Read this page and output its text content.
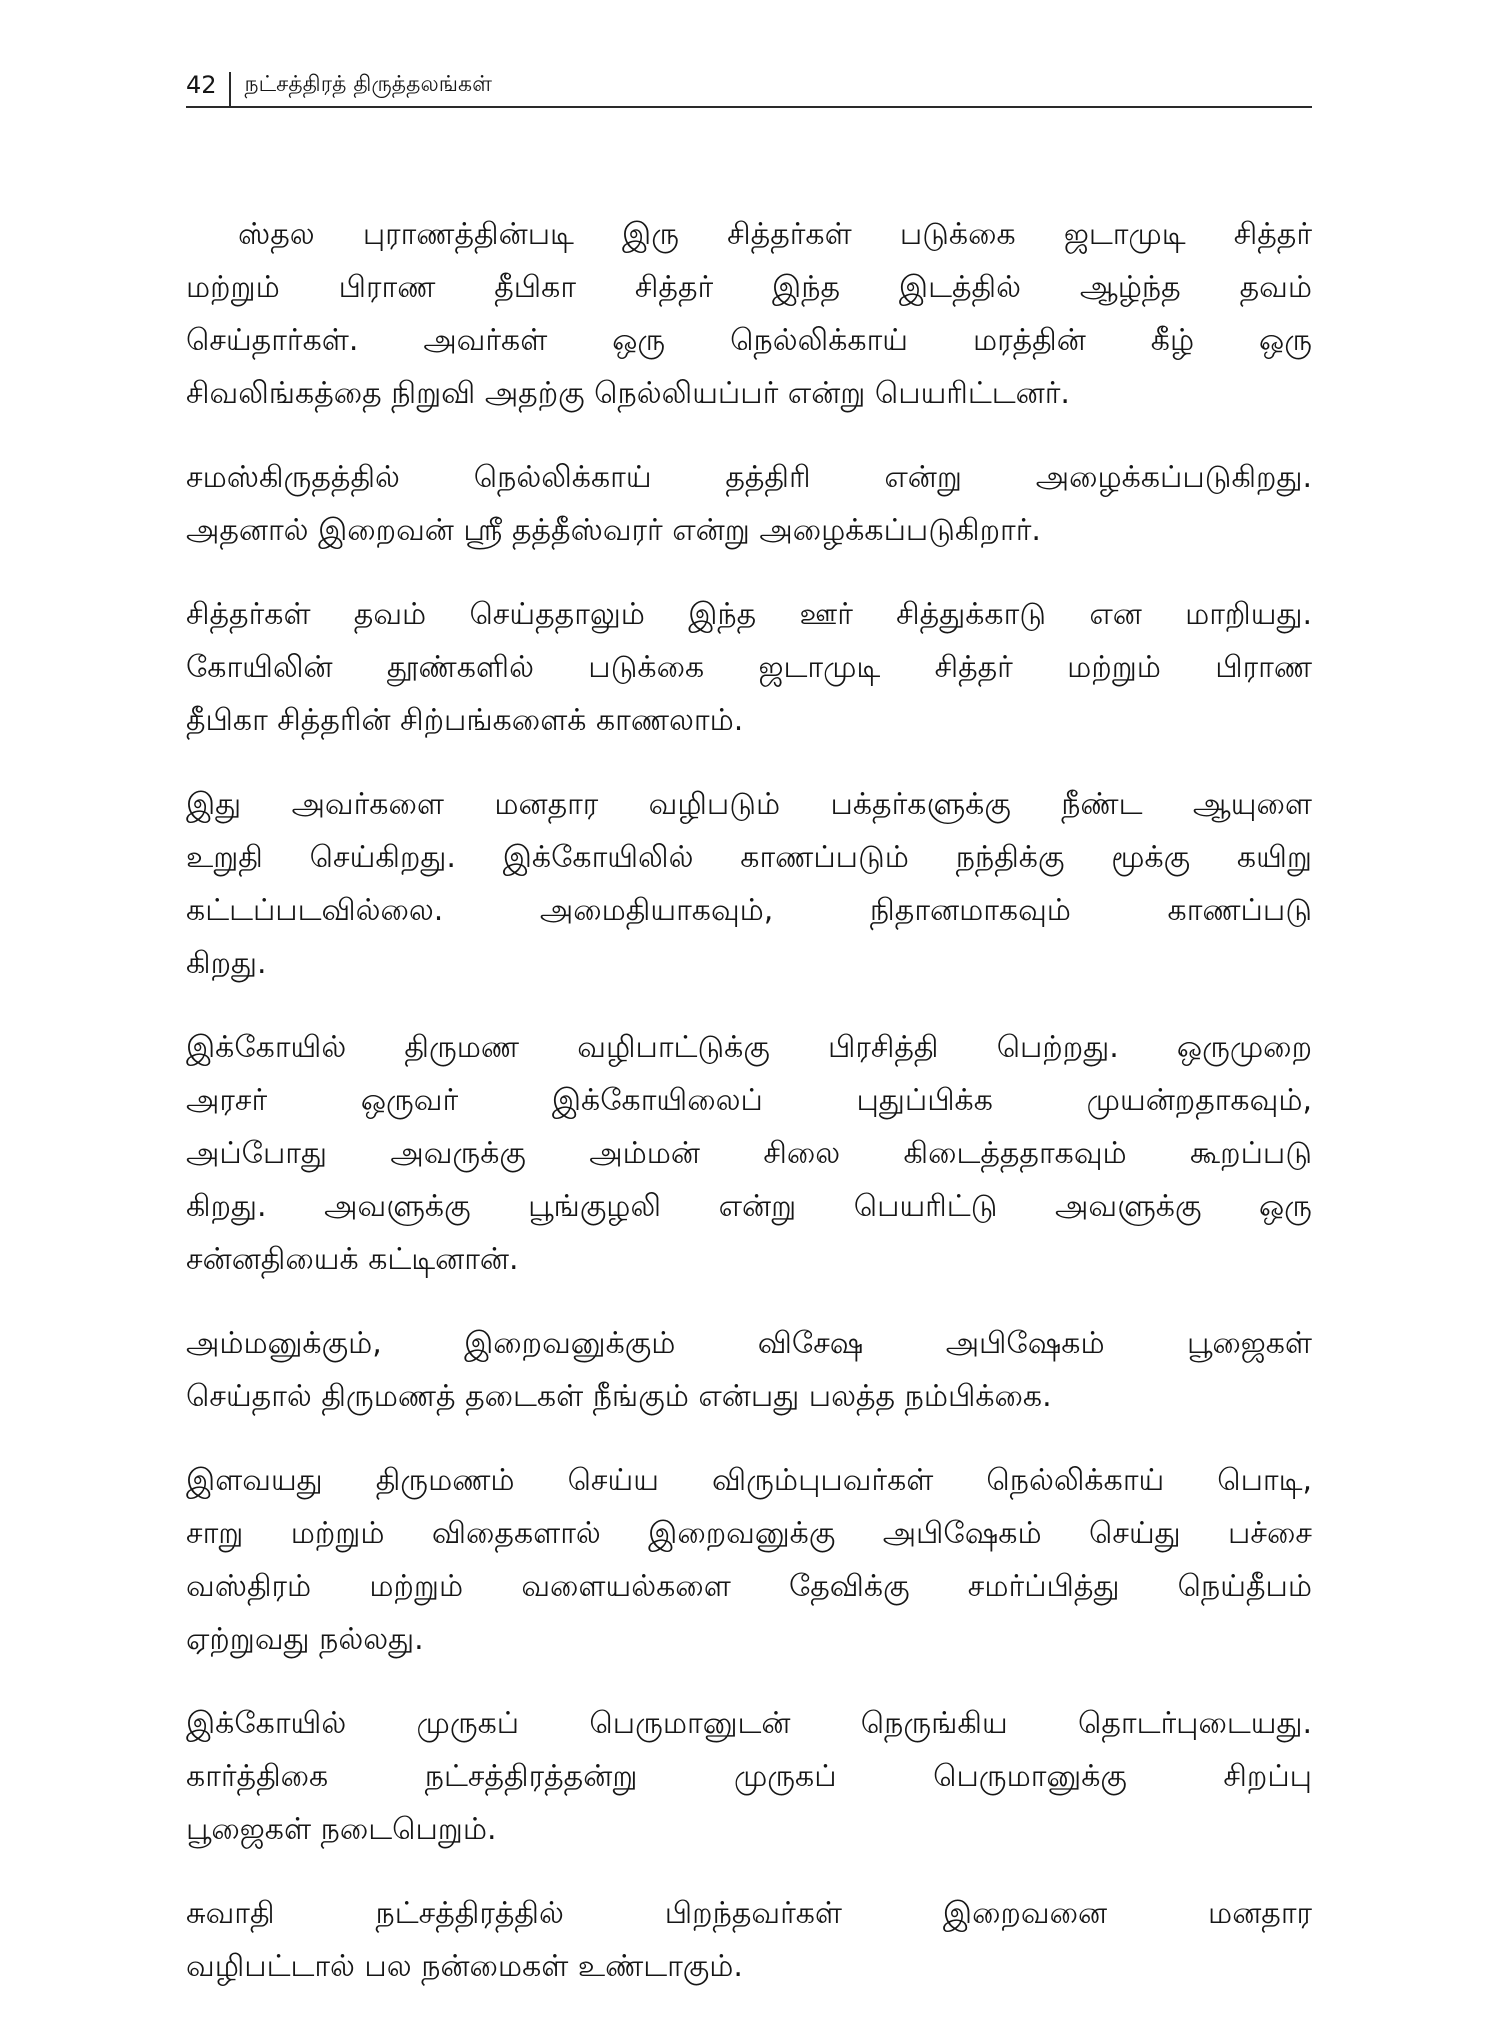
42	நட்சத்திரத் திருத்தலங்கள்
ஸ்தல புராணத்தின்படி இரு சித்தர்கள் படுக்கை ஜடாமுடி சித்தர்
மற்றும் பிராண தீபிகா சித்தர் இந்த இடத்தில் ஆழ்ந்த தவம்
செய்தார்கள். அவர்கள் ஒரு நெல்லிக்காய் மரத்தின் கீழ் ஒரு
சிவலிங்கத்தை நிறுவி அதற்கு நெல்லியப்பர் என்று பெயரிட்டனர்.
சமஸ்கிருதத்தில் நெல்லிக்காய் தத்திரி என்று அழைக்கப்படுகிறது.
அதனால் இறைவன் ஸ்ரீ தத்தீஸ்வரர் என்று அழைக்கப்படுகிறார்.
சித்தர்கள் தவம் செய்ததாலும் இந்த ஊர் சித்துக்காடு என மாறியது.
கோயிலின் தூண்களில் படுக்கை ஜடாமுடி சித்தர் மற்றும் பிராண
தீபிகா சித்தரின் சிற்பங்களைக் காணலாம்.
இது அவர்களை மனதார வழிபடும் பக்தர்களுக்கு நீண்ட ஆயுளை
உறுதி செய்கிறது. இக்கோயிலில் காணப்படும் நந்திக்கு மூக்கு கயிறு
கட்டப்படவில்லை. அமைதியாகவும், நிதானமாகவும் காணப்படு
கிறது.
இக்கோயில் திருமண வழிபாட்டுக்கு பிரசித்தி பெற்றது. ஒருமுறை
அரசர் ஒருவர் இக்கோயிலைப் புதுப்பிக்க முயன்றதாகவும்,
அப்போது அவருக்கு அம்மன் சிலை கிடைத்ததாகவும் கூறப்படு
கிறது. அவளுக்கு பூங்குழலி என்று பெயரிட்டு அவளுக்கு ஒரு
சன்னதியைக் கட்டினான்.
அம்மனுக்கும், இறைவனுக்கும் விசேஷ அபிஷேகம் பூஜைகள்
செய்தால் திருமணத் தடைகள் நீங்கும் என்பது பலத்த நம்பிக்கை.
இளவயது திருமணம் செய்ய விரும்புபவர்கள் நெல்லிக்காய் பொடி,
சாறு மற்றும் விதைகளால் இறைவனுக்கு அபிஷேகம் செய்து பச்சை
வஸ்திரம் மற்றும் வளையல்களை தேவிக்கு சமர்ப்பித்து நெய்தீபம்
ஏற்றுவது நல்லது.
இக்கோயில் முருகப் பெருமானுடன் நெருங்கிய தொடர்புடையது.
கார்த்திகை நட்சத்திரத்தன்று முருகப் பெருமானுக்கு சிறப்பு
பூஜைகள் நடைபெறும்.
சுவாதி நட்சத்திரத்தில் பிறந்தவர்கள் இறைவனை மனதார
வழிபட்டால் பல நன்மைகள் உண்டாகும்.
